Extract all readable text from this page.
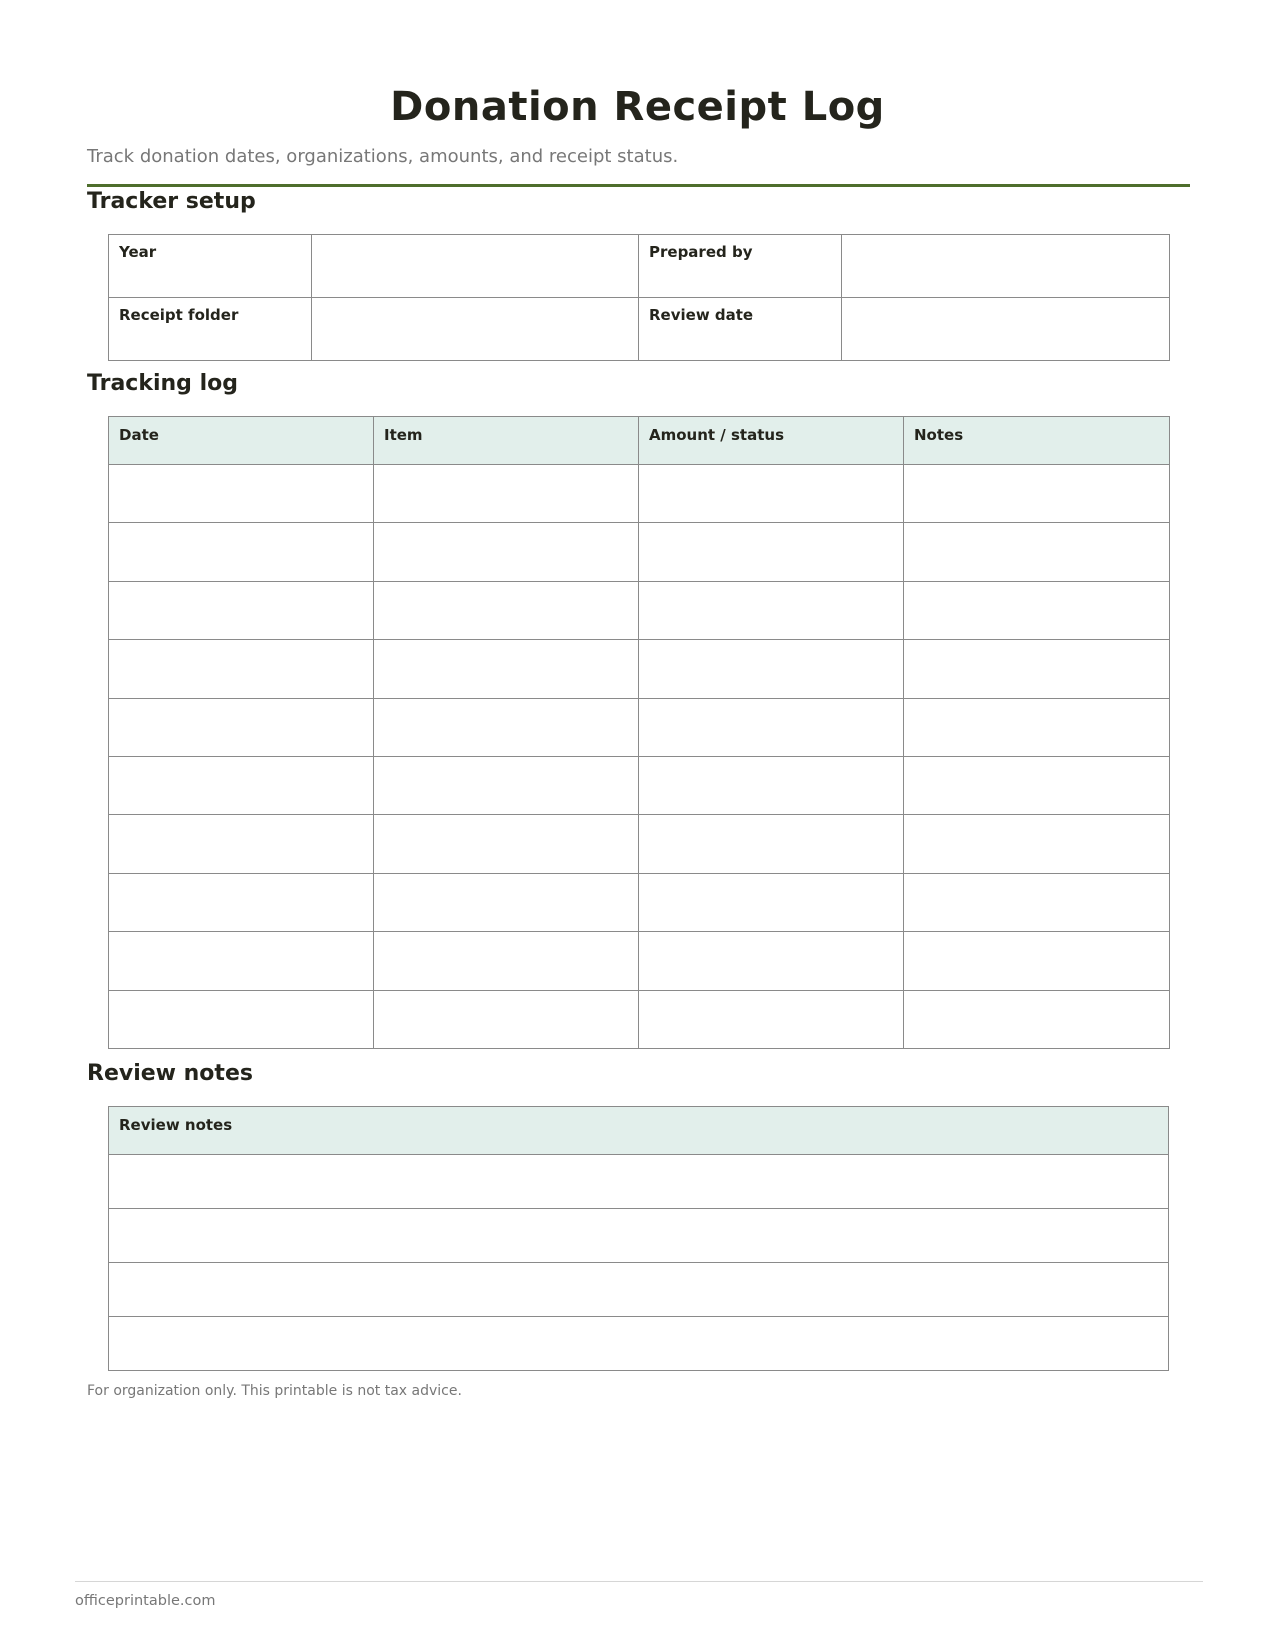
Donation Receipt Log
Track donation dates, organizations, amounts, and receipt status.
Tracker setup
Year		Prepared by	
Receipt folder		Review date	
Tracking log
Date	Item	Amount / status	Notes

Review notes
Review notes

For organization only. This printable is not tax advice.
officeprintable.com
